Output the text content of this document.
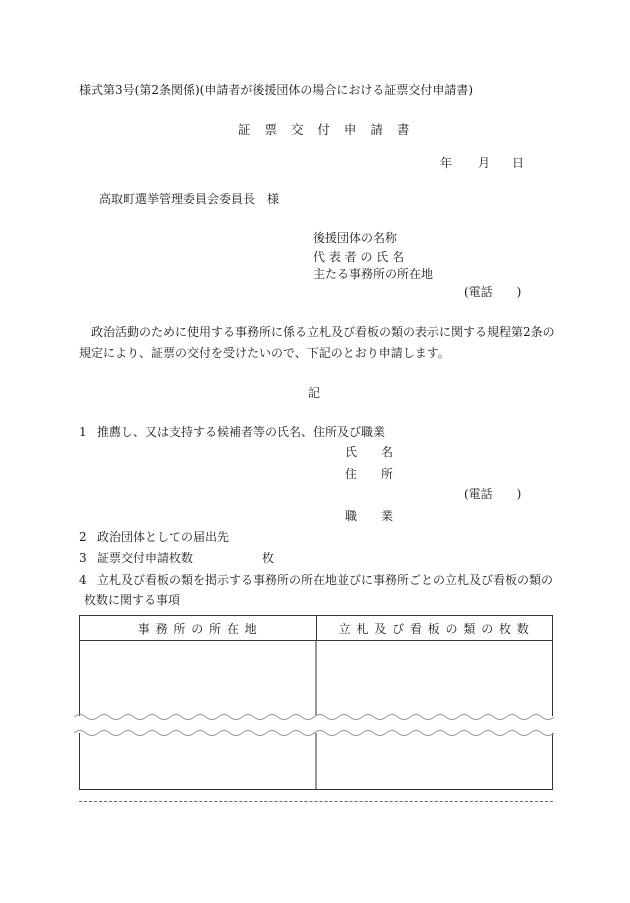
様式第3号(第2条関係)(申請者が後援団体の場合における証票交付申請書)
証 票 交 付 申 請 書
年 月 日
高取町選挙管理委員会委員長　様
後援団体の名称
代 表 者 の 氏 名
主たる事務所の所在地
(電話　　)
政治活動のために使用する事務所に係る立札及び看板の類の表示に関する規程第2条の
規定により、証票の交付を受けたいので、下記のとおり申請します。
記
1 推薦し、又は支持する候補者等の氏名、住所及び職業
氏　　名
住　　所
(電話　　)
職　　業
2 政治団体としての届出先
3 証票交付申請枚数	枚
4 立札及び看板の類を掲示する事務所の所在地並びに事務所ごとの立札及び看板の類の
枚数に関する事項
事 務 所 の 所 在 地	立 札 及 び 看 板 の 類 の 枚 数
